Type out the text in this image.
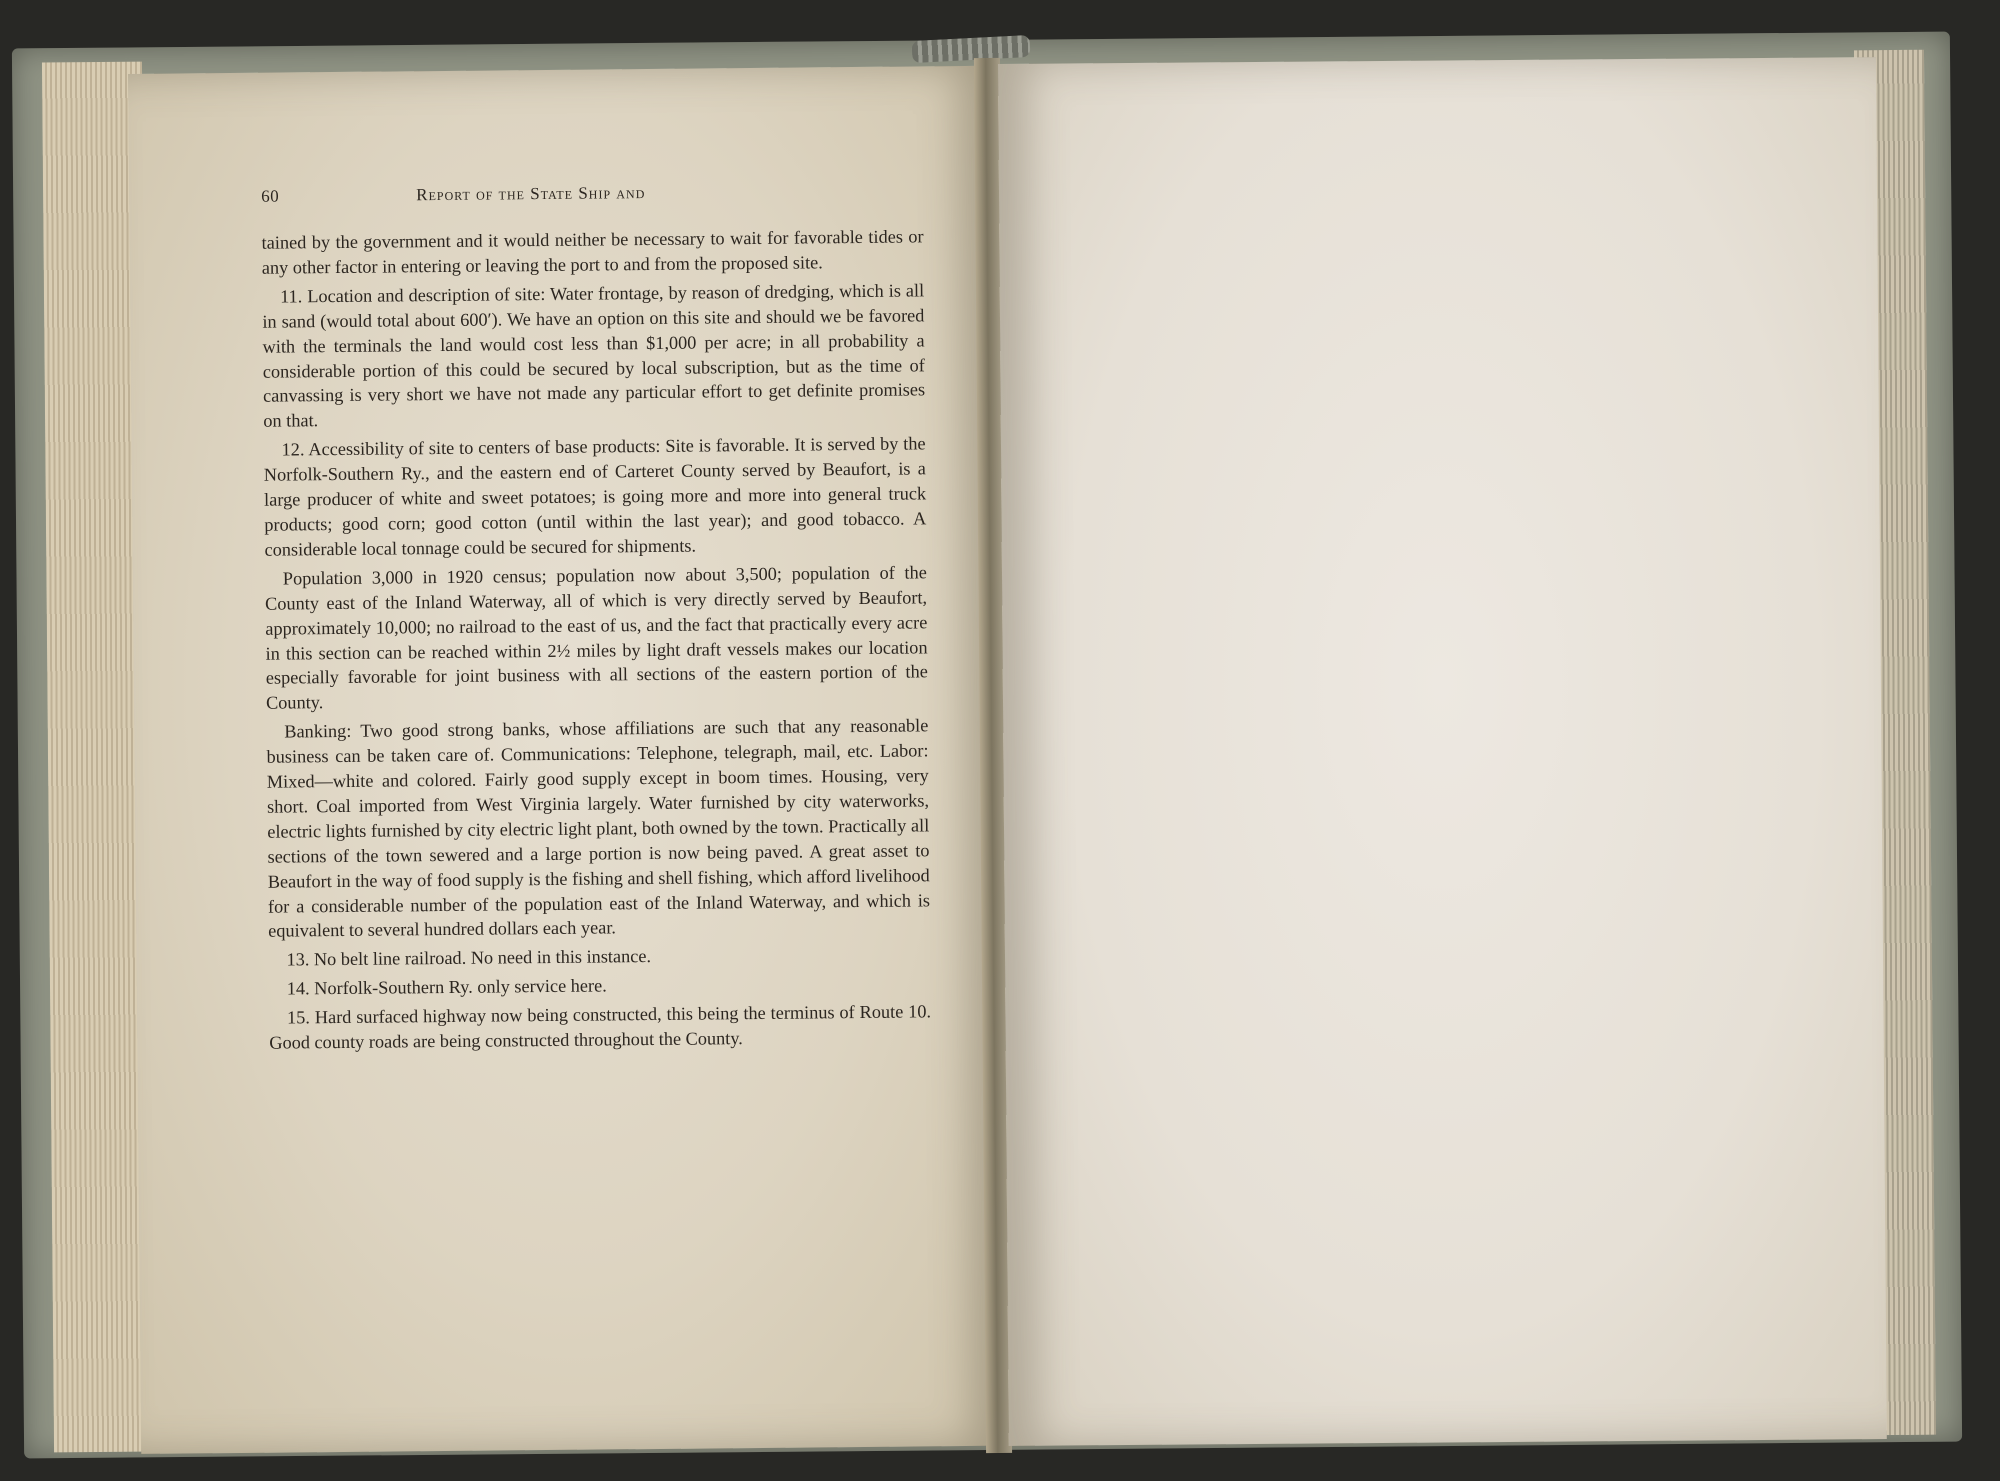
60	Report of the State Ship and

tained by the government and it would neither be necessary to wait for favorable tides or any other factor in entering or leaving the port to and from the proposed site.

11. Location and description of site: Water frontage, by reason of dredging, which is all in sand (would total about 600′). We have an option on this site and should we be favored with the terminals the land would cost less than $1,000 per acre; in all probability a considerable portion of this could be secured by local subscription, but as the time of canvassing is very short we have not made any particular effort to get definite promises on that.

12. Accessibility of site to centers of base products: Site is favorable. It is served by the Norfolk-Southern Ry., and the eastern end of Carteret County served by Beaufort, is a large producer of white and sweet potatoes; is going more and more into general truck products; good corn; good cotton (until within the last year); and good tobacco. A considerable local tonnage could be secured for shipments.

Population 3,000 in 1920 census; population now about 3,500; population of the County east of the Inland Waterway, all of which is very directly served by Beaufort, approximately 10,000; no railroad to the east of us, and the fact that practically every acre in this section can be reached within 2½ miles by light draft vessels makes our location especially favorable for joint business with all sections of the eastern portion of the County.

Banking: Two good strong banks, whose affiliations are such that any reasonable business can be taken care of. Communications: Telephone, telegraph, mail, etc. Labor: Mixed—white and colored. Fairly good supply except in boom times. Housing, very short. Coal imported from West Virginia largely. Water furnished by city waterworks, electric lights furnished by city electric light plant, both owned by the town. Practically all sections of the town sewered and a large portion is now being paved. A great asset to Beaufort in the way of food supply is the fishing and shell fishing, which afford livelihood for a considerable number of the population east of the Inland Waterway, and which is equivalent to several hundred dollars each year.

13. No belt line railroad. No need in this instance.

14. Norfolk-Southern Ry. only service here.

15. Hard surfaced highway now being constructed, this being the terminus of Route 10. Good county roads are being constructed throughout the County.
